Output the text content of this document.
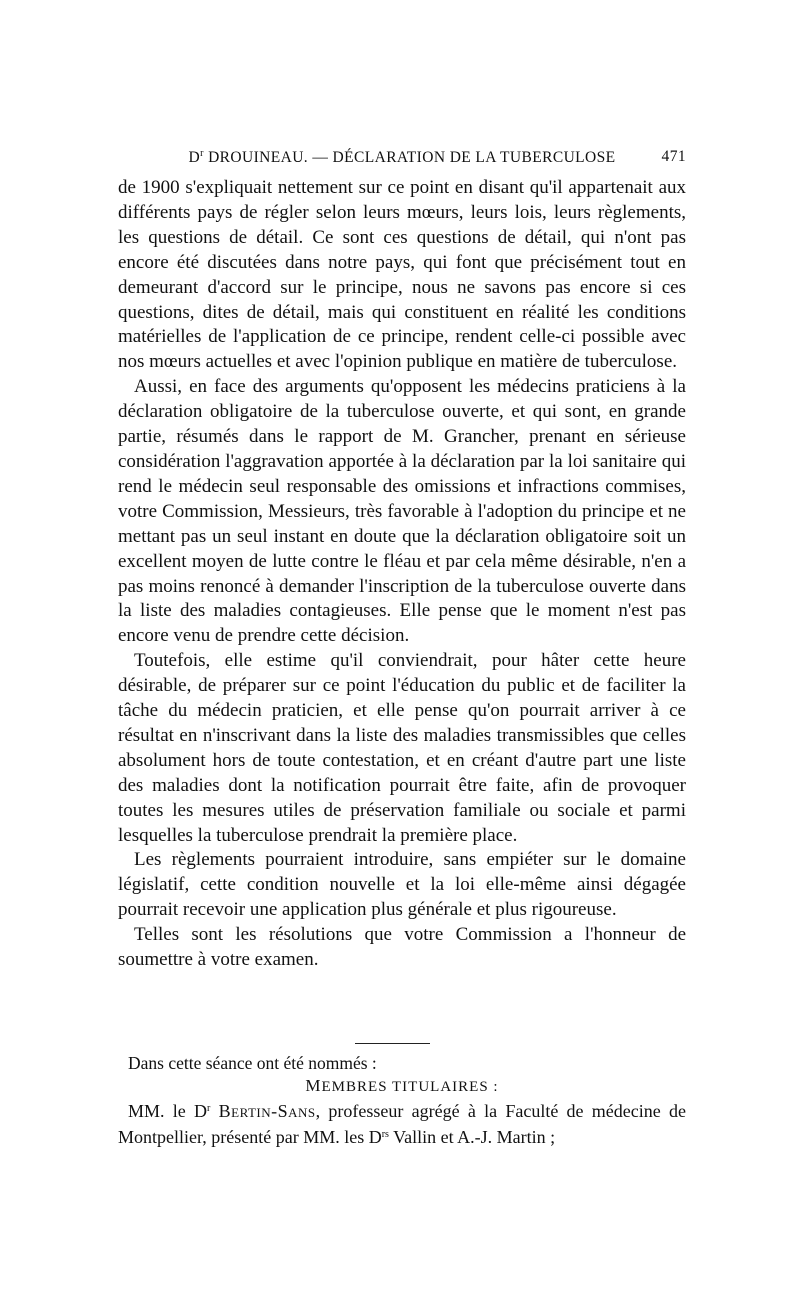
$D^r$ DROUINEAU. — DÉCLARATION DE LA TUBERCULOSE	471

de 1900 s'expliquait nettement sur ce point en disant qu'il appartenait aux différents pays de régler selon leurs mœurs, leurs lois, leurs règlements, les questions de détail. Ce sont ces questions de détail, qui n'ont pas encore été discutées dans notre pays, qui font que précisément tout en demeurant d'accord sur le principe, nous ne savons pas encore si ces questions, dites de détail, mais qui constituent en réalité les conditions matérielles de l'application de ce principe, rendent celle-ci possible avec nos mœurs actuelles et avec l'opinion publique en matière de tuberculose.

Aussi, en face des arguments qu'opposent les médecins praticiens à la déclaration obligatoire de la tuberculose ouverte, et qui sont, en grande partie, résumés dans le rapport de M. Grancher, prenant en sérieuse considération l'aggravation apportée à la déclaration par la loi sanitaire qui rend le médecin seul responsable des omissions et infractions commises, votre Commission, Messieurs, très favorable à l'adoption du principe et ne mettant pas un seul instant en doute que la déclaration obligatoire soit un excellent moyen de lutte contre le fléau et par cela même désirable, n'en a pas moins renoncé à demander l'inscription de la tuberculose ouverte dans la liste des maladies contagieuses. Elle pense que le moment n'est pas encore venu de prendre cette décision.

Toutefois, elle estime qu'il conviendrait, pour hâter cette heure désirable, de préparer sur ce point l'éducation du public et de faciliter la tâche du médecin praticien, et elle pense qu'on pourrait arriver à ce résultat en n'inscrivant dans la liste des maladies transmissibles que celles absolument hors de toute contestation, et en créant d'autre part une liste des maladies dont la notification pourrait être faite, afin de provoquer toutes les mesures utiles de préservation familiale ou sociale et parmi lesquelles la tuberculose prendrait la première place.

Les règlements pourraient introduire, sans empiéter sur le domaine législatif, cette condition nouvelle et la loi elle-même ainsi dégagée pourrait recevoir une application plus générale et plus rigoureuse.

Telles sont les résolutions que votre Commission a l'honneur de soumettre à votre examen.

Dans cette séance ont été nommés :
MEMBRES TITULAIRES :

MM. le $D^r$ Bertin-Sans, professeur agrégé à la Faculté de médecine de Montpellier, présenté par MM. les $D^{rs}$ Vallin et A.-J. Martin ;
